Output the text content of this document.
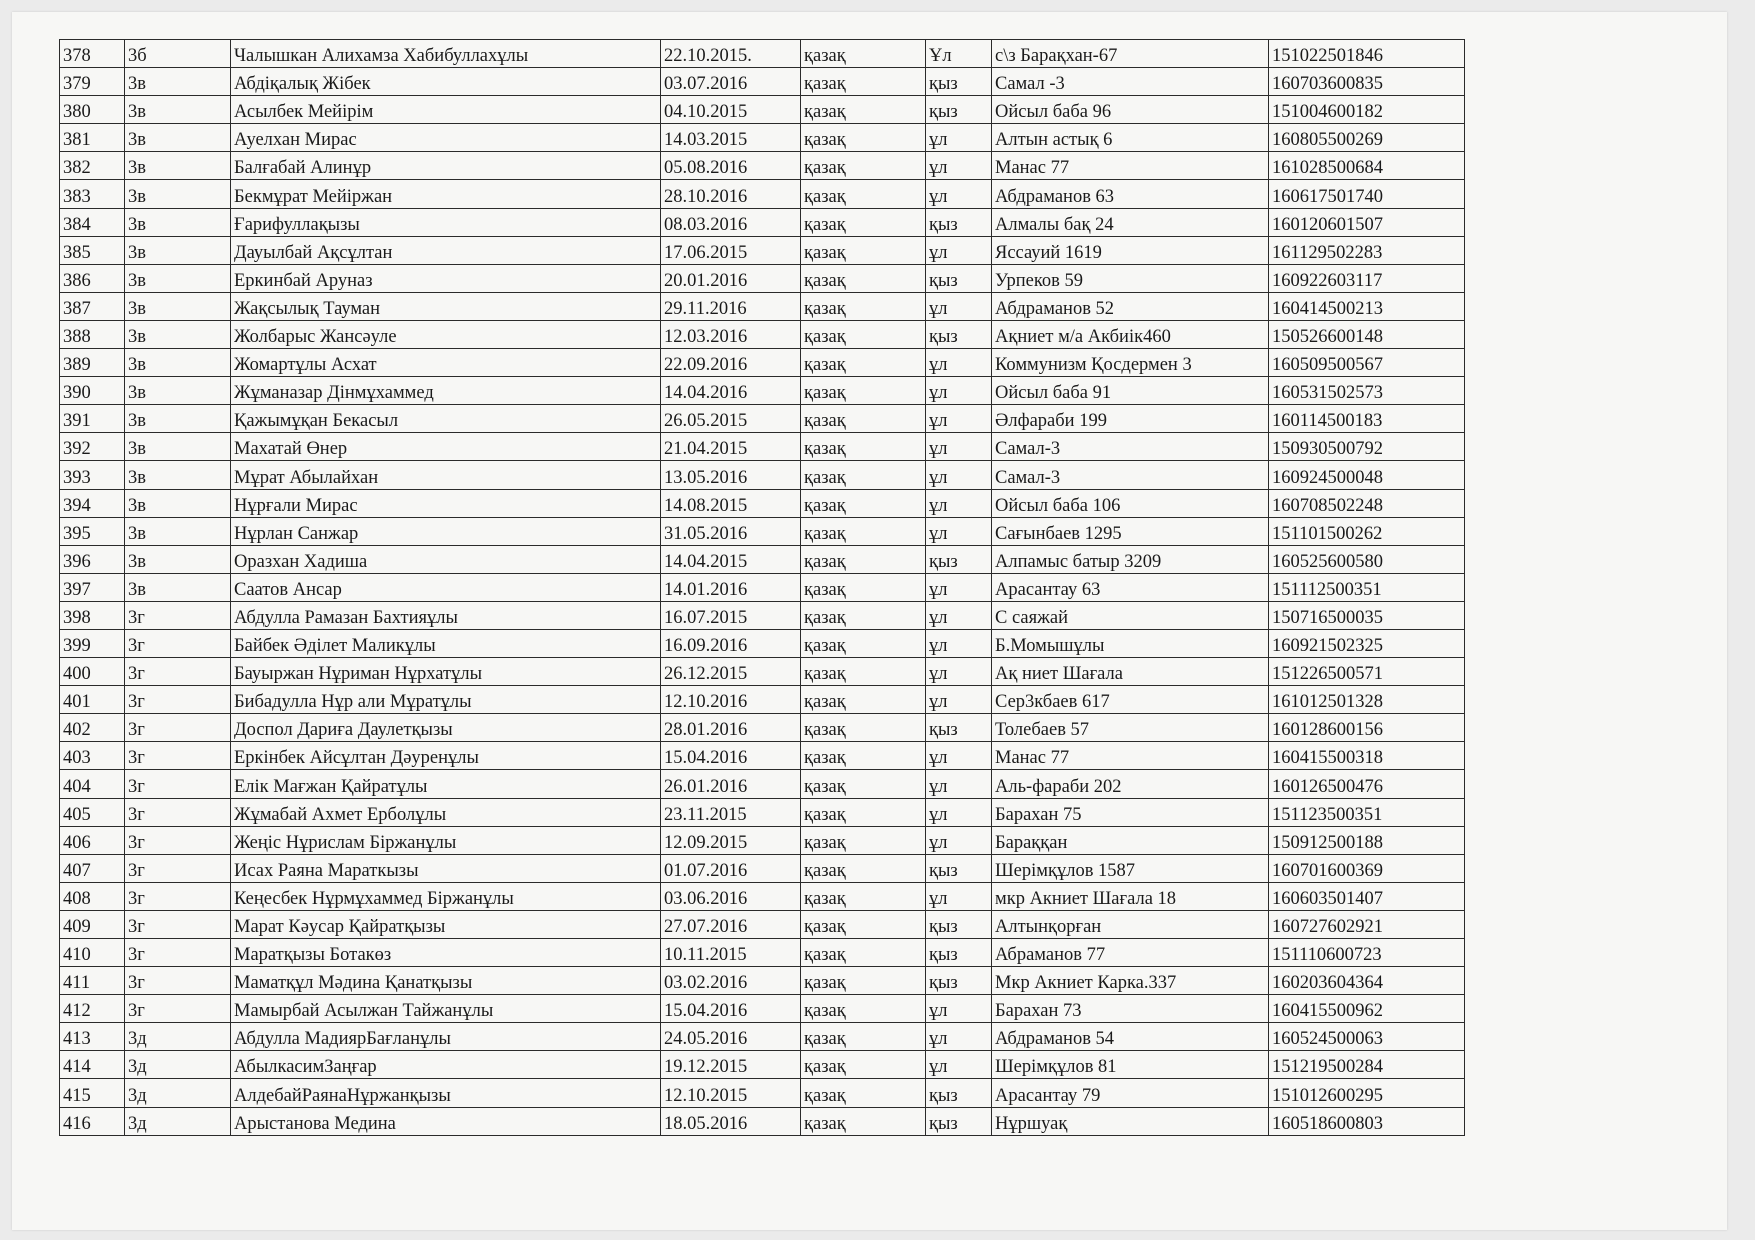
378	3б	Чалышкан Алихамза Хабибуллахұлы	22.10.2015.	қазақ	Ұл	с\з Барақхан-67	151022501846
379	3в	Абдіқалық Жібек	03.07.2016	қазақ	қыз	Самал -3	160703600835
380	3в	Асылбек Мейірім	04.10.2015	қазақ	қыз	Ойсыл баба 96	151004600182
381	3в	Ауелхан Мирас	14.03.2015	қазақ	ұл	Алтын астық 6	160805500269
382	3в	Балғабай Алинұр	05.08.2016	қазақ	ұл	Манас 77	161028500684
383	3в	Бекмұрат Мейіржан	28.10.2016	қазақ	ұл	Абдраманов 63	160617501740
384	3в	Ғарифуллақызы	08.03.2016	қазақ	қыз	Алмалы бақ 24	160120601507
385	3в	Дауылбай Ақсұлтан	17.06.2015	қазақ	ұл	Яссауий 1619	161129502283
386	3в	Еркинбай Аруназ	20.01.2016	қазақ	қыз	Урпеков 59	160922603117
387	3в	Жақсылық Тауман	29.11.2016	қазақ	ұл	Абдраманов 52	160414500213
388	3в	Жолбарыс Жансәуле	12.03.2016	қазақ	қыз	Ақниет м/а Акбиік460	150526600148
389	3в	Жомартұлы Асхат	22.09.2016	қазақ	ұл	Коммунизм Қосдермен 3	160509500567
390	3в	Жұманазар Дінмұхаммед	14.04.2016	қазақ	ұл	Ойсыл баба 91	160531502573
391	3в	Қажымұқан Бекасыл	26.05.2015	қазақ	ұл	Әлфараби 199	160114500183
392	3в	Махатай Өнер	21.04.2015	қазақ	ұл	Самал-3	150930500792
393	3в	Мұрат Абылайхан	13.05.2016	қазақ	ұл	Самал-3	160924500048
394	3в	Нұрғали Мирас	14.08.2015	қазақ	ұл	Ойсыл баба 106	160708502248
395	3в	Нұрлан Санжар	31.05.2016	қазақ	ұл	Сағынбаев 1295	151101500262
396	3в	Оразхан Хадиша	14.04.2015	қазақ	қыз	Алпамыс батыр 3209	160525600580
397	3в	Саатов Ансар	14.01.2016	қазақ	ұл	Арасантау 63	151112500351
398	3г	Абдулла Рамазан Бахтияұлы	16.07.2015	қазақ	ұл	С саяжай	150716500035
399	3г	Байбек Әділет Маликұлы	16.09.2016	қазақ	ұл	Б.Момышұлы	160921502325
400	3г	Бауыржан Нұриман Нұрхатұлы	26.12.2015	қазақ	ұл	Ақ ниет Шағала	151226500571
401	3г	Бибадулла Нұр али Мұратұлы	12.10.2016	қазақ	ұл	Сер3кбаев 617	161012501328
402	3г	Доспол Дариға Даулетқызы	28.01.2016	қазақ	қыз	Толебаев 57	160128600156
403	3г	Еркінбек Айсұлтан Дәуренұлы	15.04.2016	қазақ	ұл	Манас 77	160415500318
404	3г	Елік Мағжан Қайратұлы	26.01.2016	қазақ	ұл	Аль-фараби 202	160126500476
405	3г	Жұмабай Ахмет Ерболұлы	23.11.2015	қазақ	ұл	Барахан 75	151123500351
406	3г	Жеңіс Нұрислам Біржанұлы	12.09.2015	қазақ	ұл	Бараққан	150912500188
407	3г	Исах Раяна Мараткызы	01.07.2016	қазақ	қыз	Шерімқұлов 1587	160701600369
408	3г	Кеңесбек Нұрмұхаммед Біржанұлы	03.06.2016	қазақ	ұл	мкр Акниет Шағала 18	160603501407
409	3г	Марат Кәусар Қайратқызы	27.07.2016	қазақ	қыз	Алтынқорған	160727602921
410	3г	Маратқызы Ботакөз	10.11.2015	қазақ	қыз	Абраманов 77	151110600723
411	3г	Маматқұл Мәдина Қанатқызы	03.02.2016	қазақ	қыз	Мкр Акниет Карка.337	160203604364
412	3г	Мамырбай Асылжан Тайжанұлы	15.04.2016	қазақ	ұл	Барахан 73	160415500962
413	3д	Абдулла МадиярБағланұлы	24.05.2016	қазақ	ұл	Абдраманов 54	160524500063
414	3д	АбылкасимЗаңғар	19.12.2015	қазақ	ұл	Шерімқұлов 81	151219500284
415	3д	АлдебайРаянаНұржанқызы	12.10.2015	қазақ	қыз	Арасантау 79	151012600295
416	3д	Арыстанова Медина	18.05.2016	қазақ	қыз	Нұршуақ	160518600803
